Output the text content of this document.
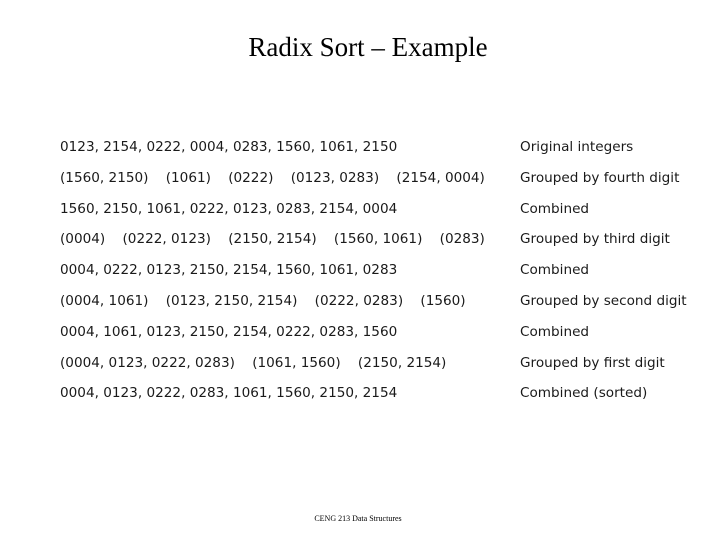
Radix Sort – Example
0123, 2154, 0222, 0004, 0283, 1560, 1061, 2150	Original integers
(1560, 2150)    (1061)    (0222)    (0123, 0283)    (2154, 0004)	Grouped by fourth digit
1560, 2150, 1061, 0222, 0123, 0283, 2154, 0004	Combined
(0004)    (0222, 0123)    (2150, 2154)    (1560, 1061)    (0283)	Grouped by third digit
0004, 0222, 0123, 2150, 2154, 1560, 1061, 0283	Combined
(0004, 1061)    (0123, 2150, 2154)    (0222, 0283)    (1560)	Grouped by second digit
0004, 1061, 0123, 2150, 2154, 0222, 0283, 1560	Combined
(0004, 0123, 0222, 0283)    (1061, 1560)    (2150, 2154)	Grouped by first digit
0004, 0123, 0222, 0283, 1061, 1560, 2150, 2154	Combined (sorted)
CENG 213 Data Structures
